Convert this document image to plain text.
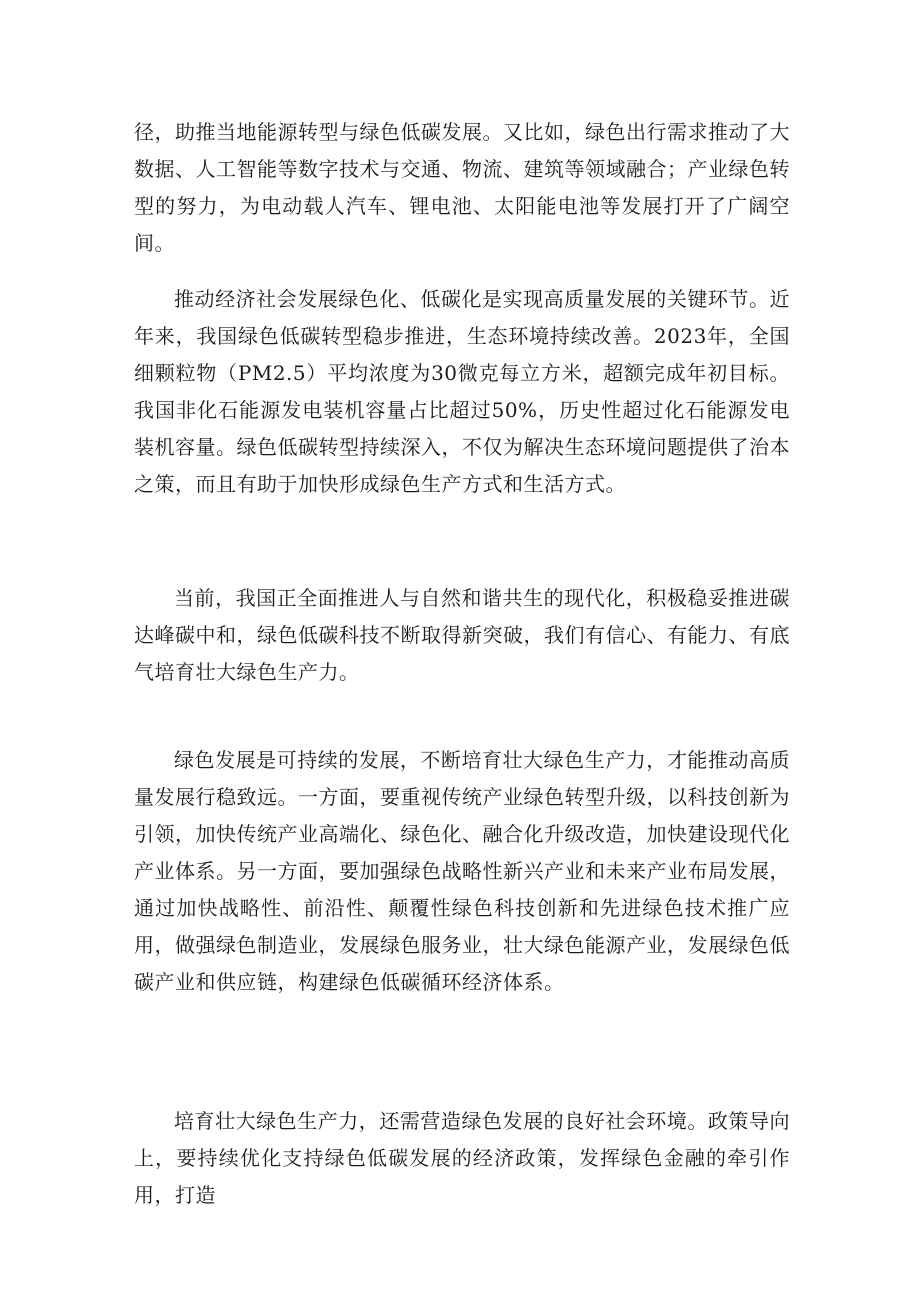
径，助推当地能源转型与绿色低碳发展。又比如，绿色出行需求推动了大数据、人工智能等数字技术与交通、物流、建筑等领域融合；产业绿色转型的努力，为电动载人汽车、锂电池、太阳能电池等发展打开了广阔空间。

推动经济社会发展绿色化、低碳化是实现高质量发展的关键环节。近年来，我国绿色低碳转型稳步推进，生态环境持续改善。2023年，全国细颗粒物（PM2.5）平均浓度为30微克每立方米，超额完成年初目标。我国非化石能源发电装机容量占比超过50%，历史性超过化石能源发电装机容量。绿色低碳转型持续深入，不仅为解决生态环境问题提供了治本之策，而且有助于加快形成绿色生产方式和生活方式。

当前，我国正全面推进人与自然和谐共生的现代化，积极稳妥推进碳达峰碳中和，绿色低碳科技不断取得新突破，我们有信心、有能力、有底气培育壮大绿色生产力。

绿色发展是可持续的发展，不断培育壮大绿色生产力，才能推动高质量发展行稳致远。一方面，要重视传统产业绿色转型升级，以科技创新为引领，加快传统产业高端化、绿色化、融合化升级改造，加快建设现代化产业体系。另一方面，要加强绿色战略性新兴产业和未来产业布局发展，通过加快战略性、前沿性、颠覆性绿色科技创新和先进绿色技术推广应用，做强绿色制造业，发展绿色服务业，壮大绿色能源产业，发展绿色低碳产业和供应链，构建绿色低碳循环经济体系。

培育壮大绿色生产力，还需营造绿色发展的良好社会环境。政策导向上，要持续优化支持绿色低碳发展的经济政策，发挥绿色金融的牵引作用，打造
